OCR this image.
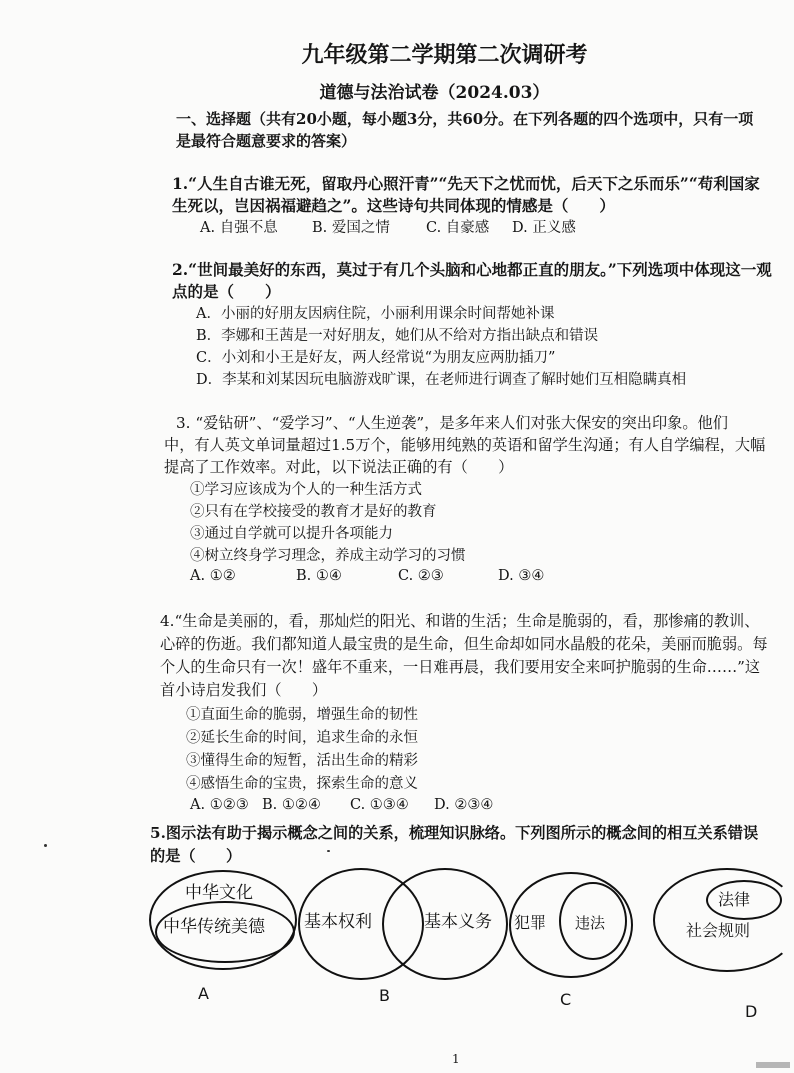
九年级第二学期第二次调研考
道德与法治试卷（2024.03）
一、选择题（共有20小题，每小题3分，共60分。在下列各题的四个选项中，只有一项
是最符合题意要求的答案）
1.“人生自古谁无死，留取丹心照汗青”“先天下之忧而忧，后天下之乐而乐”“苟利国家
生死以，岂因祸福避趋之”。这些诗句共同体现的情感是（　　）
A. 自强不息 B. 爱国之情 C. 自豪感 D. 正义感
2.“世间最美好的东西，莫过于有几个头脑和心地都正直的朋友。”下列选项中体现这一观
点的是（　　）
A．小丽的好朋友因病住院，小丽利用课余时间帮她补课
B．李娜和王茜是一对好朋友，她们从不给对方指出缺点和错误
C．小刘和小王是好友，两人经常说“为朋友应两肋插刀”
D．李某和刘某因玩电脑游戏旷课，在老师进行调查了解时她们互相隐瞒真相
3. “爱钻研”、“爱学习”、“人生逆袭”，是多年来人们对张大保安的突出印象。他们
中，有人英文单词量超过1.5万个，能够用纯熟的英语和留学生沟通；有人自学编程，大幅
提高了工作效率。对此，以下说法正确的有（　　）
①学习应该成为个人的一种生活方式
②只有在学校接受的教育才是好的教育
③通过自学就可以提升各项能力
④树立终身学习理念，养成主动学习的习惯
A. ①②	B. ①④	C. ②③	D. ③④
4.“生命是美丽的，看，那灿烂的阳光、和谐的生活；生命是脆弱的，看，那惨痛的教训、
心碎的伤逝。我们都知道人最宝贵的是生命，但生命却如同水晶般的花朵，美丽而脆弱。每
个人的生命只有一次！盛年不重来，一日难再晨，我们要用安全来呵护脆弱的生命……”这
首小诗启发我们（　　）
①直面生命的脆弱，增强生命的韧性
②延长生命的时间，追求生命的永恒
③懂得生命的短暂，活出生命的精彩
④感悟生命的宝贵，探索生命的意义
A. ①②③ B. ①②④ C. ①③④ D. ②③④
5.图示法有助于揭示概念之间的关系，梳理知识脉络。下列图所示的概念间的相互关系错误
的是（　　）
中华文化
中华传统美德
A
基本权利	基本义务
B
犯罪 违法
C
法律
社会规则
D
1
